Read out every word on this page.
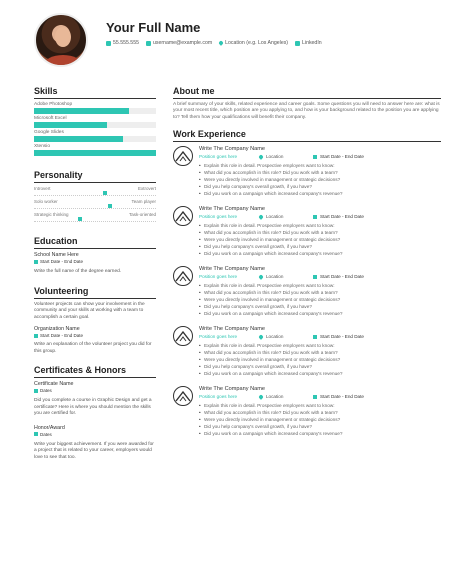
Your Full Name
55.555.555	username@example.com	Location (e.g. Los Angeles)	LinkedIn
Skills
Adobe Photoshop
Microsoft Excel
Google Slides
Xtensio
Personality
Introvert	Extrovert
Solo worker	Team player
Strategic thinking	Task-oriented
Education
School Name Here
Start Date - End Date
Write the full name of the degree earned.
Volunteering
Volunteer projects can show your involvement in the community and your skills at working with a team to accomplish a certain goal.
Organization Name
Start Date - End Date
Write an explanation of the volunteer project you did for this group.
Certificates & Honors
Certificate Name
Dates
Did you complete a course in Graphic Design and get a certificate? Here is where you should mention the skills you are certified for.
Honor/Award
Dates
Write your biggest achievement. If you were awarded for a project that is related to your career, employers would love to see that too.
About me
A brief summary of your skills, related experience and career goals. Some questions you will need to answer here are: what is your most recent title, which position are you applying to, and how is your background related to the position you are applying to? Tell them how your qualifications will benefit their company.
Work Experience
Write The Company Name
Position goes here	Location	Start Date - End Date
• Explain this role in detail. Prospective employers want to know:
• What did you accomplish in this role? Did you work with a team?
• Were you directly involved in management or strategic decisions?
• Did you help company's overall growth, if you have?
• Did you work on a campaign which increased company's revenue?
Write The Company Name
Position goes here	Location	Start Date - End Date
• Explain this role in detail. Prospective employers want to know:
• What did you accomplish in this role? Did you work with a team?
• Were you directly involved in management or strategic decisions?
• Did you help company's overall growth, if you have?
• Did you work on a campaign which increased company's revenue?
Write The Company Name
Position goes here	Location	Start Date - End Date
• Explain this role in detail. Prospective employers want to know:
• What did you accomplish in this role? Did you work with a team?
• Were you directly involved in management or strategic decisions?
• Did you help company's overall growth, if you have?
• Did you work on a campaign which increased company's revenue?
Write The Company Name
Position goes here	Location	Start Date - End Date
• Explain this role in detail. Prospective employers want to know:
• What did you accomplish in this role? Did you work with a team?
• Were you directly involved in management or strategic decisions?
• Did you help company's overall growth, if you have?
• Did you work on a campaign which increased company's revenue?
Write The Company Name
Position goes here	Location	Start Date - End Date
• Explain this role in detail. Prospective employers want to know:
• What did you accomplish in this role? Did you work with a team?
• Were you directly involved in management or strategic decisions?
• Did you help company's overall growth, if you have?
• Did you work on a campaign which increased company's revenue?
